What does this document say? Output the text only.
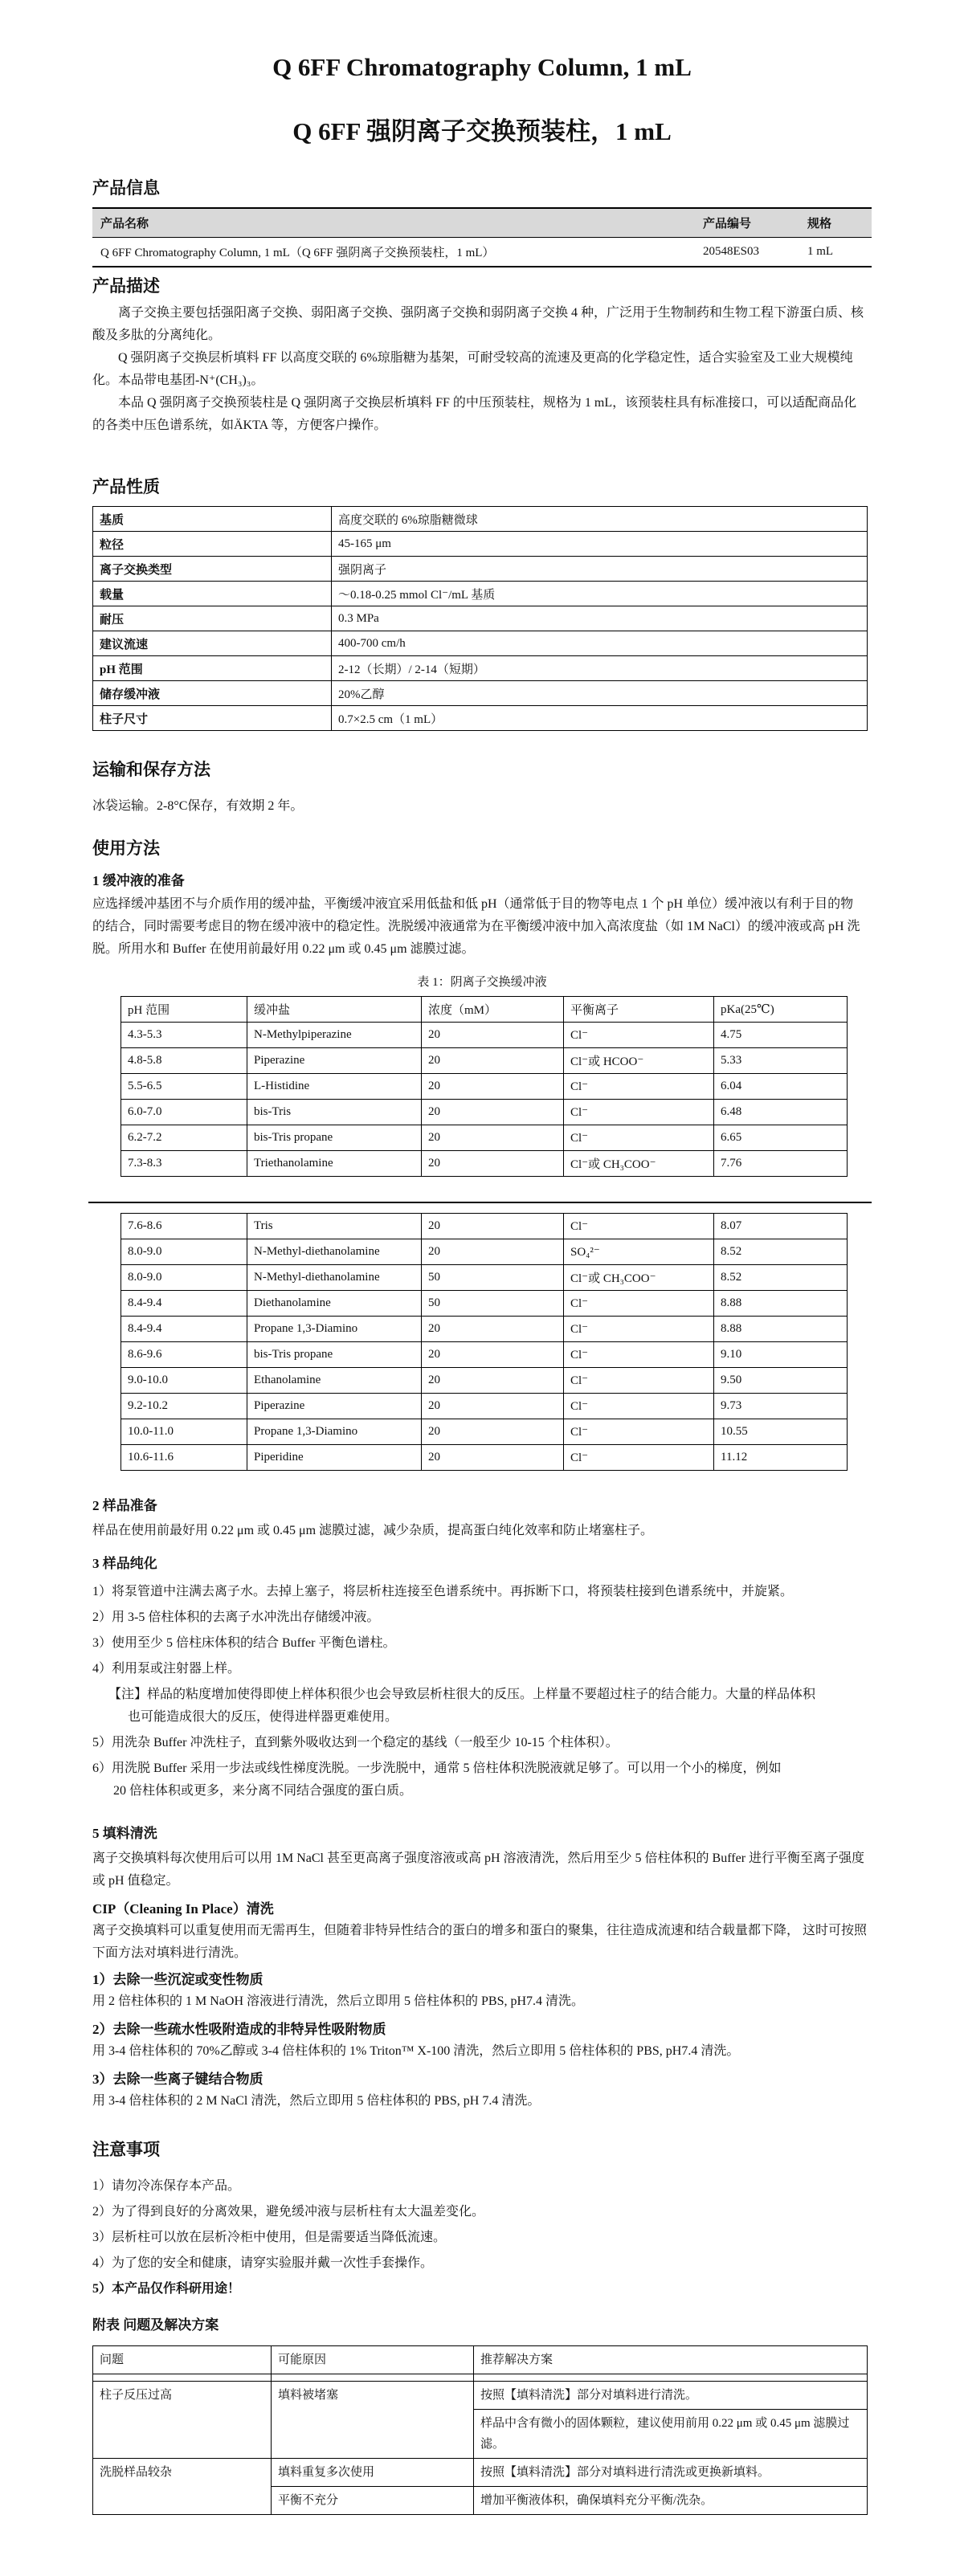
Q 6FF Chromatography Column, 1 mL
Q 6FF 强阴离子交换预装柱，1 mL
产品信息
产品名称	产品编号	规格
Q 6FF Chromatography Column, 1 mL（Q 6FF 强阴离子交换预装柱，1 mL）	20548ES03	1 mL
产品描述
离子交换主要包括强阳离子交换、弱阳离子交换、强阴离子交换和弱阴离子交换 4 种，广泛用于生物制药和生物工程下游蛋白质、核酸及多肽的分离纯化。
Q 强阴离子交换层析填料 FF 以高度交联的 6%琼脂糖为基架，可耐受较高的流速及更高的化学稳定性，适合实验室及工业大规模纯化。本品带电基团-N⁺(CH₃)₃。
本品 Q 强阴离子交换预装柱是 Q 强阴离子交换层析填料 FF 的中压预装柱，规格为 1 mL，该预装柱具有标准接口，可以适配商品化的各类中压色谱系统，如ÄKTA 等，方便客户操作。
产品性质
基质	高度交联的 6%琼脂糖微球
粒径	45-165 μm
离子交换类型	强阴离子
载量	～0.18-0.25 mmol Cl⁻/mL 基质
耐压	0.3 MPa
建议流速	400-700 cm/h
pH 范围	2-12（长期）/ 2-14（短期）
储存缓冲液	20%乙醇
柱子尺寸	0.7×2.5 cm（1 mL）
运输和保存方法
冰袋运输。2-8°C保存，有效期 2 年。
使用方法
1 缓冲液的准备
应选择缓冲基团不与介质作用的缓冲盐，平衡缓冲液宜采用低盐和低 pH（通常低于目的物等电点 1 个 pH 单位）缓冲液以有利于目的物的结合，同时需要考虑目的物在缓冲液中的稳定性。洗脱缓冲液通常为在平衡缓冲液中加入高浓度盐（如 1M NaCl）的缓冲液或高 pH 洗脱。所用水和 Buffer 在使用前最好用 0.22 μm 或 0.45 μm 滤膜过滤。
表 1：阴离子交换缓冲液
pH 范围	缓冲盐	浓度（mM）	平衡离子	pKa(25℃)
4.3-5.3	N-Methylpiperazine	20	Cl⁻	4.75
4.8-5.8	Piperazine	20	Cl⁻或 HCOO⁻	5.33
5.5-6.5	L-Histidine	20	Cl⁻	6.04
6.0-7.0	bis-Tris	20	Cl⁻	6.48
6.2-7.2	bis-Tris propane	20	Cl⁻	6.65
7.3-8.3	Triethanolamine	20	Cl⁻或 CH₃COO⁻	7.76
7.6-8.6	Tris	20	Cl⁻	8.07
8.0-9.0	N-Methyl-diethanolamine	20	SO₄²⁻	8.52
8.0-9.0	N-Methyl-diethanolamine	50	Cl⁻或 CH₃COO⁻	8.52
8.4-9.4	Diethanolamine	50	Cl⁻	8.88
8.4-9.4	Propane 1,3-Diamino	20	Cl⁻	8.88
8.6-9.6	bis-Tris propane	20	Cl⁻	9.10
9.0-10.0	Ethanolamine	20	Cl⁻	9.50
9.2-10.2	Piperazine	20	Cl⁻	9.73
10.0-11.0	Propane 1,3-Diamino	20	Cl⁻	10.55
10.6-11.6	Piperidine	20	Cl⁻	11.12
2 样品准备
样品在使用前最好用 0.22 μm 或 0.45 μm 滤膜过滤，减少杂质，提高蛋白纯化效率和防止堵塞柱子。
3 样品纯化
1）将泵管道中注满去离子水。去掉上塞子，将层析柱连接至色谱系统中。再拆断下口，将预装柱接到色谱系统中，并旋紧。
2）用 3-5 倍柱体积的去离子水冲洗出存储缓冲液。
3）使用至少 5 倍柱床体积的结合 Buffer 平衡色谱柱。
4）利用泵或注射器上样。
【注】样品的粘度增加使得即使上样体积很少也会导致层析柱很大的反压。上样量不要超过柱子的结合能力。大量的样品体积
也可能造成很大的反压，使得进样器更难使用。
5）用洗杂 Buffer 冲洗柱子，直到紫外吸收达到一个稳定的基线（一般至少 10-15 个柱体积）。
6）用洗脱 Buffer 采用一步法或线性梯度洗脱。一步洗脱中，通常 5 倍柱体积洗脱液就足够了。可以用一个小的梯度，例如
20 倍柱体积或更多，来分离不同结合强度的蛋白质。
5 填料清洗
离子交换填料每次使用后可以用 1M NaCl 甚至更高离子强度溶液或高 pH 溶液清洗，然后用至少 5 倍柱体积的 Buffer 进行平衡至离子强度或 pH 值稳定。
CIP（Cleaning In Place）清洗
离子交换填料可以重复使用而无需再生，但随着非特异性结合的蛋白的增多和蛋白的聚集，往往造成流速和结合载量都下降， 这时可按照下面方法对填料进行清洗。
1）去除一些沉淀或变性物质
用 2 倍柱体积的 1 M NaOH 溶液进行清洗，然后立即用 5 倍柱体积的 PBS, pH7.4 清洗。
2）去除一些疏水性吸附造成的非特异性吸附物质
用 3-4 倍柱体积的 70%乙醇或 3-4 倍柱体积的 1% Triton™ X-100 清洗，然后立即用 5 倍柱体积的 PBS, pH7.4 清洗。
3）去除一些离子键结合物质
用 3-4 倍柱体积的 2 M NaCl 清洗，然后立即用 5 倍柱体积的 PBS, pH 7.4 清洗。
注意事项
1）请勿冷冻保存本产品。
2）为了得到良好的分离效果，避免缓冲液与层析柱有太大温差变化。
3）层析柱可以放在层析冷柜中使用，但是需要适当降低流速。
4）为了您的安全和健康，请穿实验服并戴一次性手套操作。
5）本产品仅作科研用途！
附表 问题及解决方案
问题	可能原因	推荐解决方案

柱子反压过高	填料被堵塞	按照【填料清洗】部分对填料进行清洗。
		样品中含有微小的固体颗粒，建议使用前用 0.22 μm 或 0.45 μm 滤膜过滤。
洗脱样品较杂	填料重复多次使用	按照【填料清洗】部分对填料进行清洗或更换新填料。
	平衡不充分	增加平衡液体积，确保填料充分平衡/洗杂。
